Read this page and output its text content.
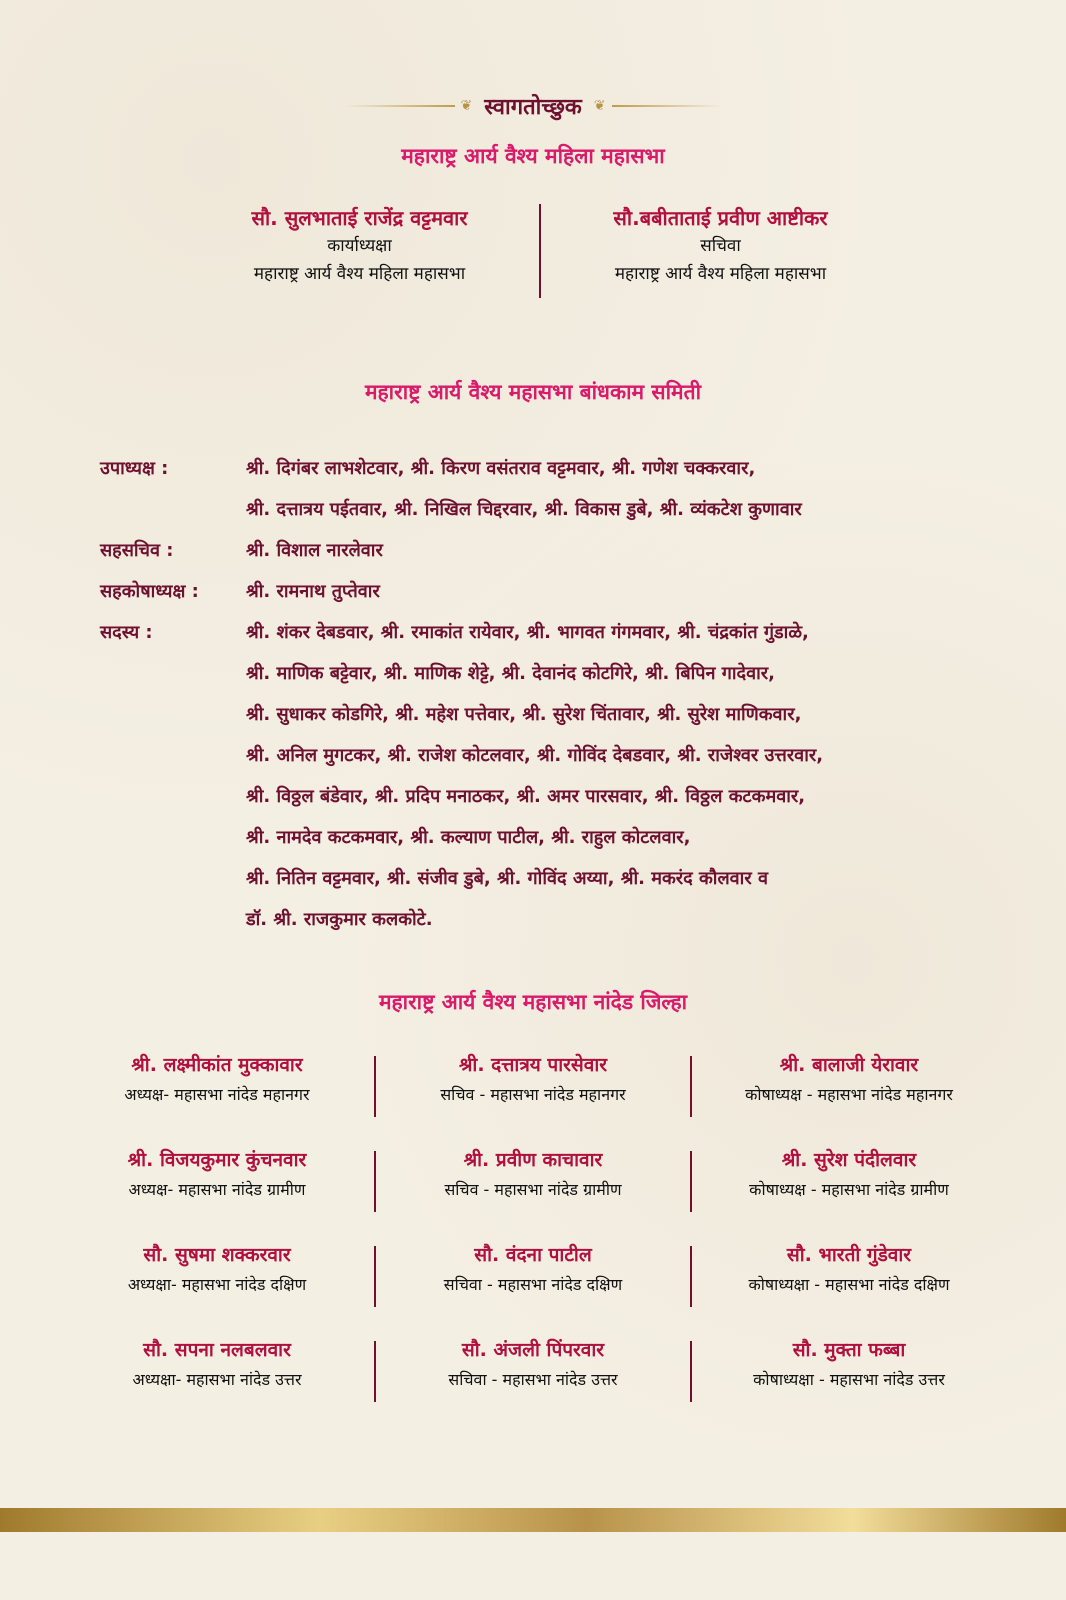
❦ स्वागतोच्छुक ❦
महाराष्ट्र आर्य वैश्य महिला महासभा
सौ. सुलभाताई राजेंद्र वट्टमवार
कार्याध्यक्षा
महाराष्ट्र आर्य वैश्य महिला महासभा
सौ.बबीताताई प्रवीण आष्टीकर
सचिवा
महाराष्ट्र आर्य वैश्य महिला महासभा
महाराष्ट्र आर्य वैश्य महासभा बांधकाम समिती
उपाध्यक्ष :	श्री. दिगंबर लाभशेटवार, श्री. किरण वसंतराव वट्टमवार, श्री. गणेश चक्करवार,
श्री. दत्तात्रय पईतवार, श्री. निखिल चिद्दरवार, श्री. विकास डुबे, श्री. व्यंकटेश कुणावार
सहसचिव :	श्री. विशाल नारलेवार
सहकोषाध्यक्ष :	श्री. रामनाथ तुप्तेवार
सदस्य :	श्री. शंकर देबडवार, श्री. रमाकांत रायेवार, श्री. भागवत गंगमवार, श्री. चंद्रकांत गुंडाळे,
श्री. माणिक बट्टेवार, श्री. माणिक शेट्टे, श्री. देवानंद कोटगिरे, श्री. बिपिन गादेवार,
श्री. सुधाकर कोडगिरे, श्री. महेश पत्तेवार, श्री. सुरेश चिंतावार, श्री. सुरेश माणिकवार,
श्री. अनिल मुगटकर, श्री. राजेश कोटलवार, श्री. गोविंद देबडवार, श्री. राजेश्वर उत्तरवार,
श्री. विठ्ठल बंडेवार, श्री. प्रदिप मनाठकर, श्री. अमर पारसवार, श्री. विठ्ठल कटकमवार,
श्री. नामदेव कटकमवार, श्री. कल्याण पाटील, श्री. राहुल कोटलवार,
श्री. नितिन वट्टमवार, श्री. संजीव डुबे, श्री. गोविंद अय्या, श्री. मकरंद कौलवार व
डॉ. श्री. राजकुमार कलकोटे.
महाराष्ट्र आर्य वैश्य महासभा नांदेड जिल्हा
श्री. लक्ष्मीकांत मुक्कावार
अध्यक्ष- महासभा नांदेड महानगर
श्री. दत्तात्रय पारसेवार
सचिव - महासभा नांदेड महानगर
श्री. बालाजी येरावार
कोषाध्यक्ष - महासभा नांदेड महानगर
श्री. विजयकुमार कुंचनवार
अध्यक्ष- महासभा नांदेड ग्रामीण
श्री. प्रवीण काचावार
सचिव - महासभा नांदेड ग्रामीण
श्री. सुरेश पंदीलवार
कोषाध्यक्ष - महासभा नांदेड ग्रामीण
सौ. सुषमा शक्करवार
अध्यक्षा- महासभा नांदेड दक्षिण
सौ. वंदना पाटील
सचिवा - महासभा नांदेड दक्षिण
सौ. भारती गुंडेवार
कोषाध्यक्षा - महासभा नांदेड दक्षिण
सौ. सपना नलबलवार
अध्यक्षा- महासभा नांदेड उत्तर
सौ. अंजली पिंपरवार
सचिवा - महासभा नांदेड उत्तर
सौ. मुक्ता फब्बा
कोषाध्यक्षा - महासभा नांदेड उत्तर
